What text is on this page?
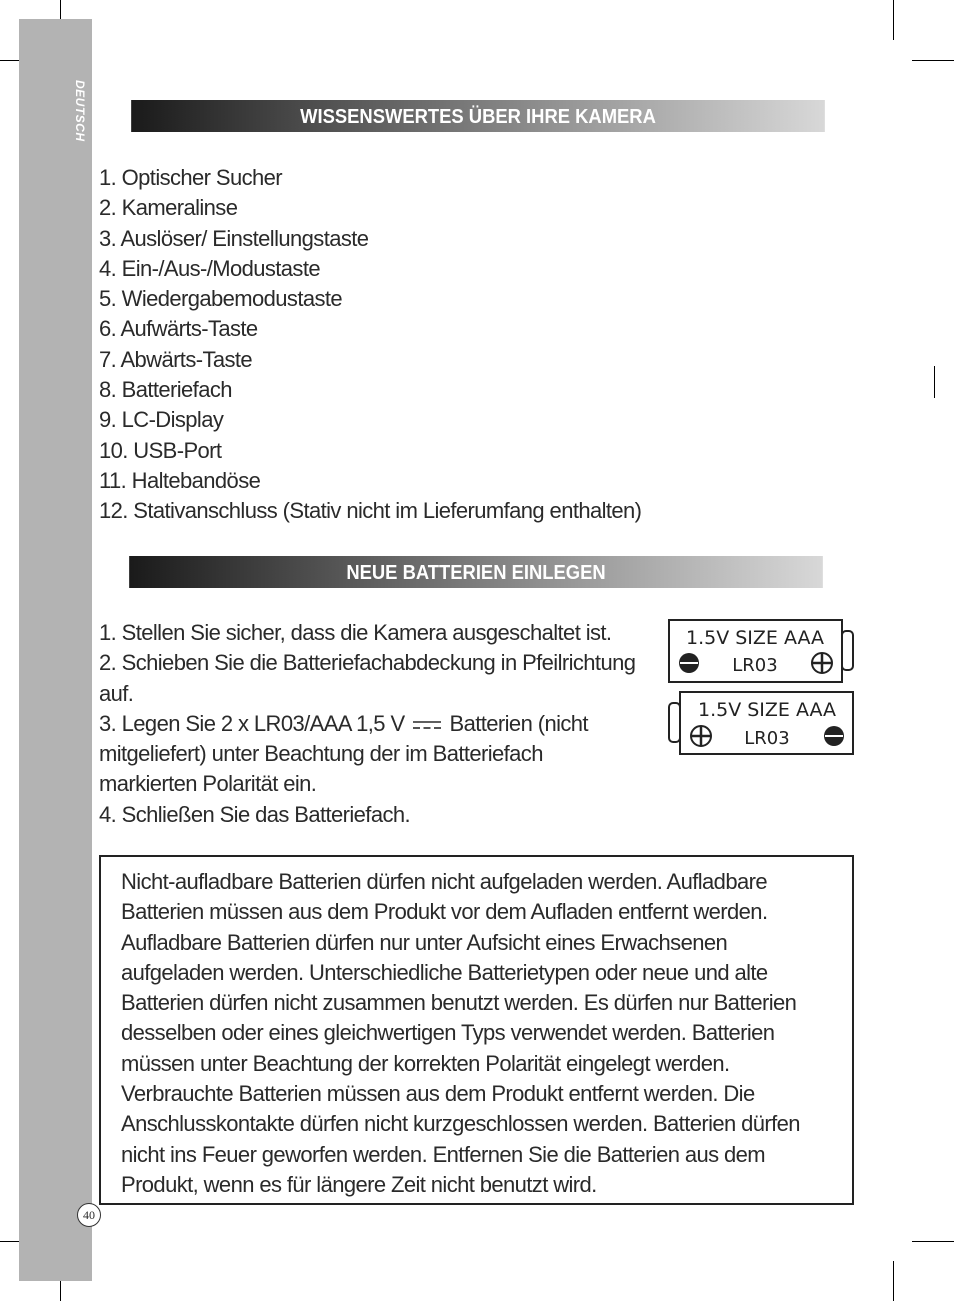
DEUTSCH	WISSENSWERTES ÜBER IHRE KAMERA
1. Optischer Sucher
2. Kameralinse
3. Auslöser/ Einstellungstaste
4. Ein-/Aus-/Modustaste
5. Wiedergabemodustaste
6. Aufwärts-Taste
7. Abwärts-Taste
8. Batteriefach
9. LC-Display
10. USB-Port
11. Haltebandöse
12. Stativanschluss (Stativ nicht im Lieferumfang enthalten)
NEUE BATTERIEN EINLEGEN
1. Stellen Sie sicher, dass die Kamera ausgeschaltet ist.
2. Schieben Sie die Batteriefachabdeckung in Pfeilrichtung auf.
3. Legen Sie 2 x LR03/AAA 1,5 V Batterien (nicht mitgeliefert) unter Beachtung der im Batteriefach markierten Polarität ein.
4. Schließen Sie das Batteriefach.
1.5V SIZE AAA
LR03
1.5V SIZE AAA
LR03

Nicht-aufladbare Batterien dürfen nicht aufgeladen werden. Aufladbare Batterien müssen aus dem Produkt vor dem Aufladen entfernt werden. Aufladbare Batterien dürfen nur unter Aufsicht eines Erwachsenen aufgeladen werden. Unterschiedliche Batterietypen oder neue und alte Batterien dürfen nicht zusammen benutzt werden. Es dürfen nur Batterien desselben oder eines gleichwertigen Typs verwendet werden. Batterien müssen unter Beachtung der korrekten Polarität eingelegt werden. Verbrauchte Batterien müssen aus dem Produkt entfernt werden. Die Anschlusskontakte dürfen nicht kurzgeschlossen werden. Batterien dürfen nicht ins Feuer geworfen werden. Entfernen Sie die Batterien aus dem Produkt, wenn es für längere Zeit nicht benutzt wird.

40
